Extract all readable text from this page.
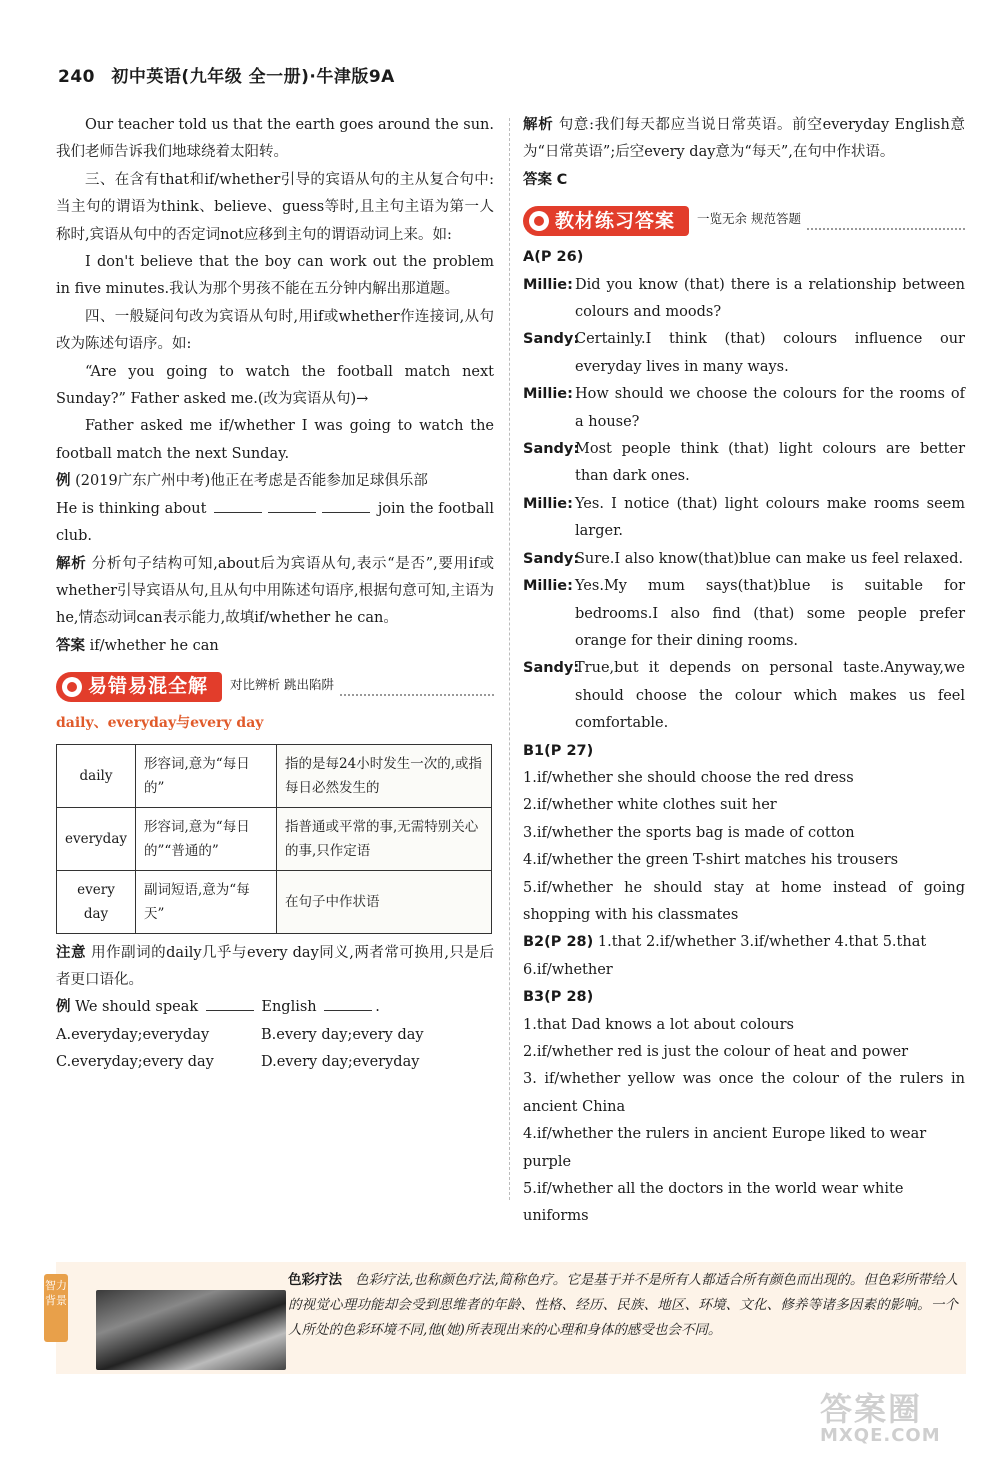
240 初中英语(九年级 全一册)·牛津版9A

Our teacher told us that the earth goes around the sun.

我们老师告诉我们地球绕着太阳转。

三、在含有that和if/whether引导的宾语从句的主从复合句中:当主句的谓语为think、believe、guess等时,且主句主语为第一人称时,宾语从句中的否定词not应移到主句的谓语动词上来。如:

I don't believe that the boy can work out the problem in five minutes.我认为那个男孩不能在五分钟内解出那道题。

四、一般疑问句改为宾语从句时,用if或whether作连接词,从句改为陈述句语序。如:

“Are you going to watch the football match next Sunday?” Father asked me.(改为宾语从句)→

Father asked me if/whether I was going to watch the football match the next Sunday.

例 (2019广东广州中考)他正在考虑是否能参加足球俱乐部

He is thinking about	join the football club.

解析 分析句子结构可知,about后为宾语从句,表示“是否”,要用if或whether引导宾语从句,且从句中用陈述句语序,根据句意可知,主语为he,情态动词can表示能力,故填if/whether he can。

答案 if/whether he can

易错易混全解 对比辨析 跳出陷阱
daily、everyday与every day
daily	形容词,意为“每日的”	指的是每24小时发生一次的,或指每日必然发生的
everyday	形容词,意为“每日的”“普通的”	指普通或平常的事,无需特别关心的事,只作定语
every day	副词短语,意为“每天”	在句子中作状语

注意 用作副词的daily几乎与every day同义,两者常可换用,只是后者更口语化。

例 We should speak	English	.

A.everyday;everyday	B.every day;every day
C.everyday;every day	D.every day;everyday

解析 句意:我们每天都应当说日常英语。前空everyday English意为“日常英语”;后空every day意为“每天”,在句中作状语。

答案 C

教材练习答案 一览无余 规范答题

A(P 26)

Millie: Did you know (that) there is a relationship between colours and moods?
Sandy:
Certainly.I think (that) colours influence our everyday lives in many ways.
Millie: How should we choose the colours for the rooms of a house?
Sandy:
Most people think (that) light colours are better than dark ones.
Millie: Yes. I notice (that) light colours make rooms seem larger.
Sandy:
Sure.I also know(that)blue can make us feel relaxed.
Millie: Yes.My mum says(that)blue is suitable for bedrooms.I also find (that) some people prefer orange for their dining rooms.
Sandy:
True,but it depends on personal taste.Anyway,we should choose the colour which makes us feel comfortable.

B1(P 27)

1.if/whether she should choose the red dress

2.if/whether white clothes suit her

3.if/whether the sports bag is made of cotton

4.if/whether the green T-shirt matches his trousers

5.if/whether he should stay at home instead of going shopping with his classmates

B2(P 28) 1.that 2.if/whether 3.if/whether 4.that 5.that 6.if/whether

B3(P 28)

1.that Dad knows a lot about colours

2.if/whether red is just the colour of heat and power

3. if/whether yellow was once the colour of the rulers in ancient China

4.if/whether the rulers in ancient Europe liked to wear purple

5.if/whether all the doctors in the world wear white uniforms

智力背景
色彩疗法 色彩疗法,也称颜色疗法,简称色疗。它是基于并不是所有人都适合所有颜色而出现的。但色彩所带给人的视觉心理功能却会受到思维者的年龄、性格、经历、民族、地区、环境、文化、修养等诸多因素的影响。一个人所处的色彩环境不同,他(她)所表现出来的心理和身体的感受也会不同。
答案圈
MXQE.COM
